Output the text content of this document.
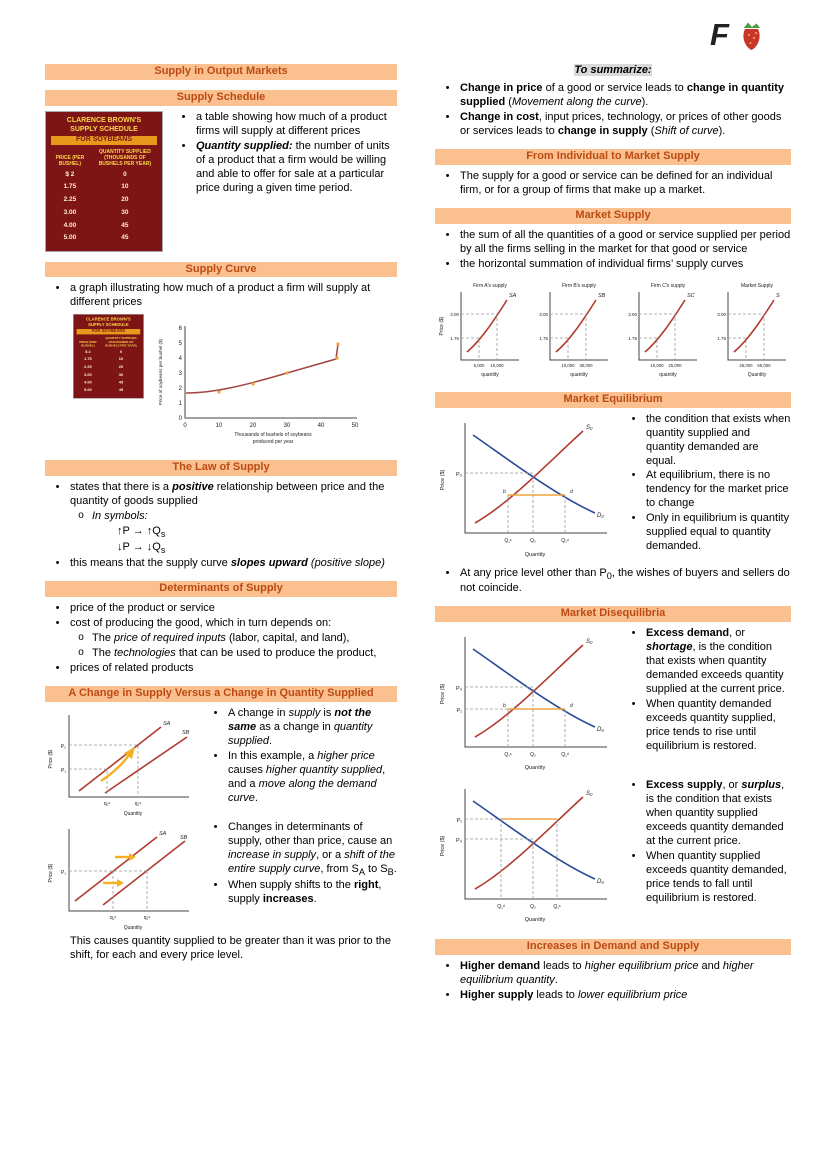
F
Supply in Output Markets
Supply Schedule
CLARENCE BROWN'S
SUPPLY SCHEDULE
FOR SOYBEANS
PRICE (PER BUSHEL)	QUANTITY SUPPLIED (THOUSANDS OF BUSHELS PER YEAR)
$ 2	0
1.75	10
2.25	20
3.00	30
4.00	45
5.00	45
• a table showing how much of a product firms will supply at different prices
• Quantity supplied: the number of units of a product that a firm would be willing and able to offer for sale at a particular price during a given time period.
Supply Curve
• a graph illustrating how much of a product a firm will supply at different prices
CLARENCE BROWN'S
SUPPLY SCHEDULE
FOR SOYBEANS
PRICE (PER BUSHEL)	QUANTITY SUPPLIED (THOUSANDS OF BUSHELS PER YEAR)
$ 2	0
1.75	10
2.25	20
3.00	30
4.00	45
5.00	45
0
1
2
3
4
5
6
0	10	20	30	40	50
Price of soybeans per bushel ($)
Thousands of bushels of soybeans
produced per year
The Law of Supply
• states that there is a positive relationship between price and the quantity of goods supplied
o In symbols:
↑P → $↑Q_s$
↓P → $↓Q_s$
• this means that the supply curve slopes upward (positive slope)
Determinants of Supply
• price of the product or service
• cost of producing the good, which in turn depends on:
o The price of required inputs (labor, capital, and land),
o The technologies that can be used to produce the product,
• prices of related products
A Change in Supply Versus a Change in Quantity Supplied
SA
SB
P₂
P₁
q₁ˢ	q₂ˢ
Price ($)
Quantity
• A change in supply is not the same as a change in quantity supplied.
• In this example, a higher price causes higher quantity supplied, and a move along the demand curve.
SA
SB
P₁
q₁ˢ	q₂ˢ
Price ($)
Quantity
• Changes in determinants of supply, other than price, cause an increase in supply, or a shift of the entire supply curve, from $S_A$ to $S_B$.
• When supply shifts to the right, supply increases.
This causes quantity supplied to be greater than it was prior to the shift, for each and every price level.
To summarize:
• Change in price of a good or service leads to change in quantity supplied (Movement along the curve).
• Change in cost, input prices, technology, or prices of other goods or services leads to change in supply (Shift of curve).
From Individual to Market Supply
• The supply for a good or service can be defined for an individual firm, or for a group of firms that make up a market.
Market Supply
• the sum of all the quantities of a good or service supplied per period by all the firms selling in the market for that good or service
• the horizontal summation of individual firms’ supply curves
Firm A's supply
3.00
1.75
SA
5,000 10,000
quantity
Price ($)
Firm B's supply
3.00
1.75
SB
10,000 30,000
quantity
Firm C's supply
3.00
1.75
SC
10,000 25,000
quantity
Market Supply
3.00
1.75
S
25,000 65,000
Quantity
Market Equilibrium
S₀
D₀
b	d
P₀
Q₁ˢ	Q₀	Q₁ᵈ
Price ($)
Quantity
• the condition that exists when quantity supplied and quantity demanded are equal.
• At equilibrium, there is no tendency for the market price to change
• Only in equilibrium is quantity supplied equal to quantity demanded.
• At any price level other than $P_0$, the wishes of buyers and sellers do not coincide.
Market Disequilibria
S₀
D₀
P₀
P₁
b	d
Q₁ˢ	Q₀	Q₁ᵈ
Price ($)
Quantity
• Excess demand, or shortage, is the condition that exists when quantity demanded exceeds quantity supplied at the current price.
• When quantity demanded exceeds quantity supplied, price tends to rise until equilibrium is restored.
S₀
D₀
P₀
P₁
Q₁ᵈ	Q₀	Q₁ˢ
Price ($)
Quantity
• Excess supply, or surplus, is the condition that exists when quantity supplied exceeds quantity demanded at the current price.
• When quantity supplied exceeds quantity demanded, price tends to fall until equilibrium is restored.
Increases in Demand and Supply
• Higher demand leads to higher equilibrium price and higher equilibrium quantity.
• Higher supply leads to lower equilibrium price
